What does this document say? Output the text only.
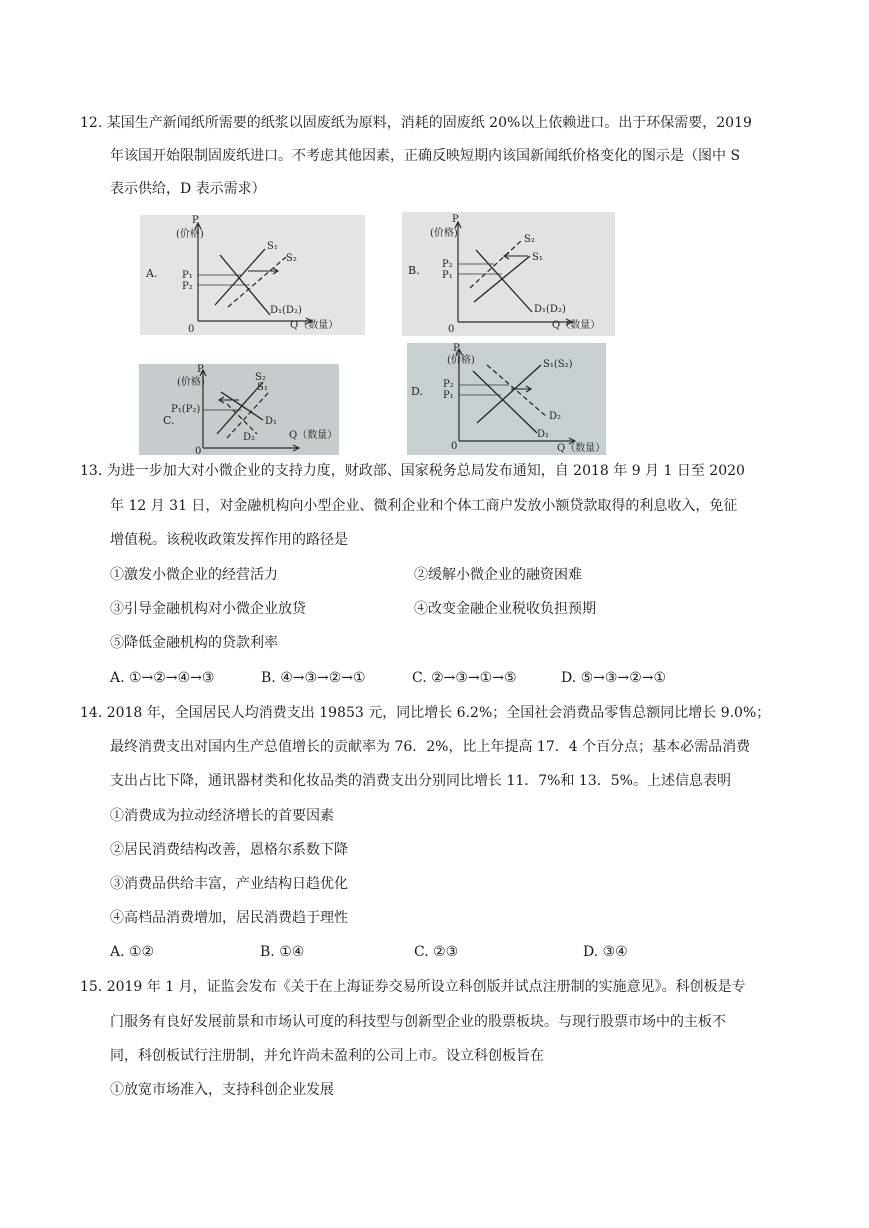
12. 某国生产新闻纸所需要的纸浆以固废纸为原料，消耗的固废纸 20%以上依赖进口。出于环保需要，2019
年该国开始限制固废纸进口。不考虑其他因素，正确反映短期内该国新闻纸价格变化的图示是（图中 S
表示供给，D 表示需求）
A.
P
(价格)
0	Q（数量）
P₁
P₂
S₁
S₂
D₁(D₂)
B.
P
(价格)
0	Q（数量）
P₂
P₁
S₂
S₁
D₁(D₂)
C.
P
(价格)
0
Q（数量）
P₁(P₂)
S₂
S₁
D₁
D₂
D.
P
(价格)
0	Q（数量）
P₂
P₁
S₁(S₂)
D₂
D₁
13. 为进一步加大对小微企业的支持力度，财政部、国家税务总局发布通知，自 2018 年 9 月 1 日至 2020
年 12 月 31 日，对金融机构向小型企业、微利企业和个体工商户发放小额贷款取得的利息收入，免征
增值税。该税收政策发挥作用的路径是
①激发小微企业的经营活力	②缓解小微企业的融资困难
③引导金融机构对小微企业放贷	④改变金融企业税收负担预期
⑤降低金融机构的贷款利率
A. ①→②→④→③	B. ④→③→②→①	C. ②→③→①→⑤	D. ⑤→③→②→①
14. 2018 年，全国居民人均消费支出 19853 元，同比增长 6.2%；全国社会消费品零售总额同比增长 9.0%；
最终消费支出对国内生产总值增长的贡献率为 76．2%，比上年提高 17．4 个百分点；基本必需品消费
支出占比下降，通讯器材类和化妆品类的消费支出分别同比增长 11．7%和 13．5%。上述信息表明
①消费成为拉动经济增长的首要因素
②居民消费结构改善，恩格尔系数下降
③消费品供给丰富，产业结构日趋优化
④高档品消费增加，居民消费趋于理性
A. ①②	B. ①④	C. ②③	D. ③④
15. 2019 年 1 月，证监会发布《关于在上海证券交易所设立科创版并试点注册制的实施意见》。科创板是专
门服务有良好发展前景和市场认可度的科技型与创新型企业的股票板块。与现行股票市场中的主板不
同，科创板试行注册制，并允许尚未盈利的公司上市。设立科创板旨在
①放宽市场准入，支持科创企业发展
